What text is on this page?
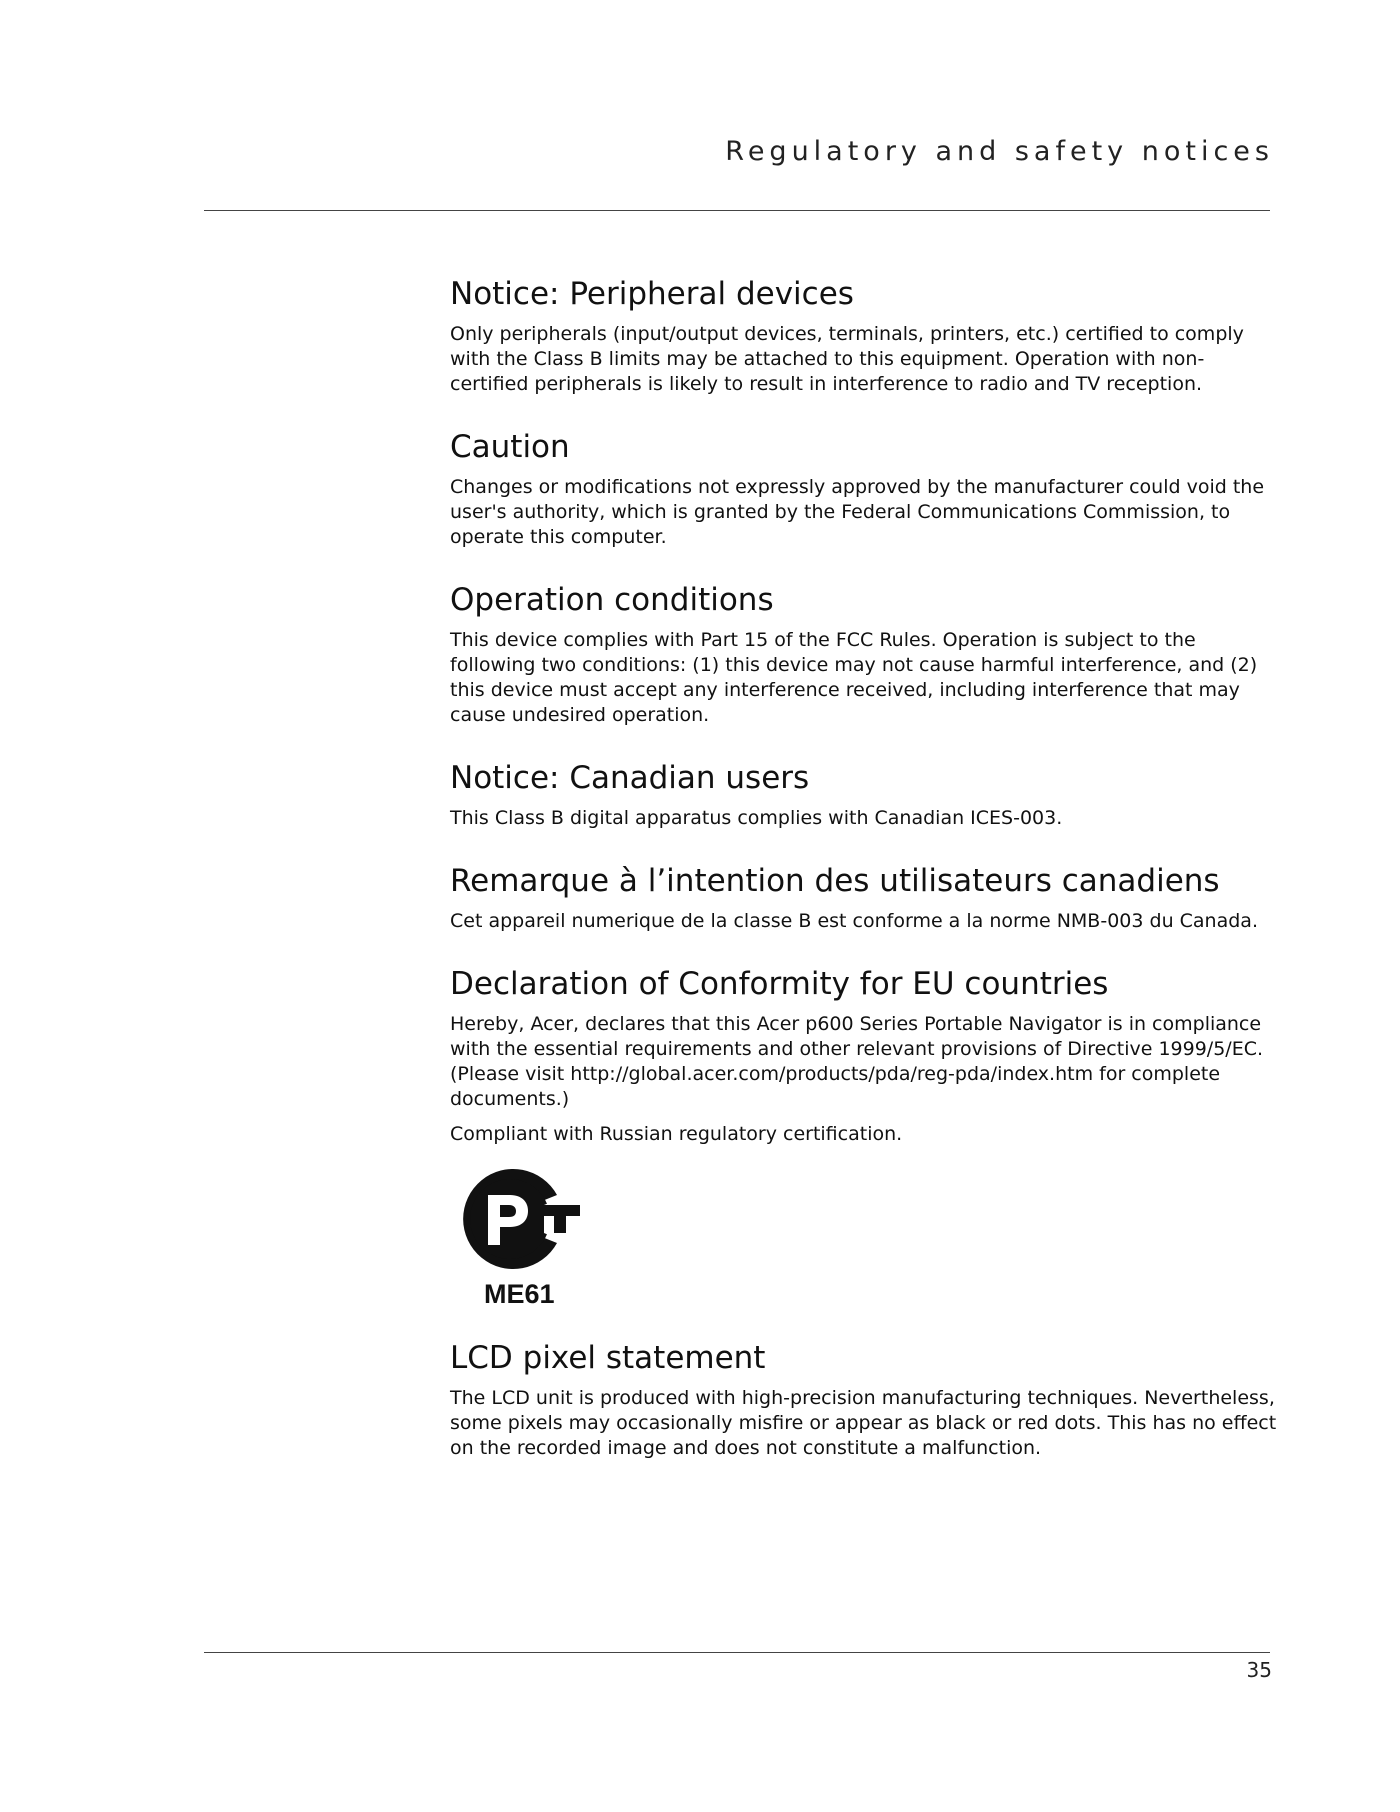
Regulatory and safety notices
Notice: Peripheral devices

Only peripherals (input/output devices, terminals, printers, etc.) certified to comply with the Class B limits may be attached to this equipment. Operation with non-certified peripherals is likely to result in interference to radio and TV reception.

Caution

Changes or modifications not expressly approved by the manufacturer could void the user's authority, which is granted by the Federal Communications Commission, to operate this computer.

Operation conditions

This device complies with Part 15 of the FCC Rules. Operation is subject to the following two conditions: (1) this device may not cause harmful interference, and (2) this device must accept any interference received, including interference that may cause undesired operation.

Notice: Canadian users

This Class B digital apparatus complies with Canadian ICES-003.

Remarque à l’intention des utilisateurs canadiens

Cet appareil numerique de la classe B est conforme a la norme NMB-003 du Canada.

Declaration of Conformity for EU countries

Hereby, Acer, declares that this Acer p600 Series Portable Navigator is in compliance with the essential requirements and other relevant provisions of Directive 1999/5/EC. (Please visit http://global.acer.com/products/pda/reg-pda/index.htm for complete documents.)

Compliant with Russian regulatory certification.

ME61
LCD pixel statement

The LCD unit is produced with high-precision manufacturing techniques. Nevertheless, some pixels may occasionally misfire or appear as black or red dots. This has no effect on the recorded image and does not constitute a malfunction.

35
